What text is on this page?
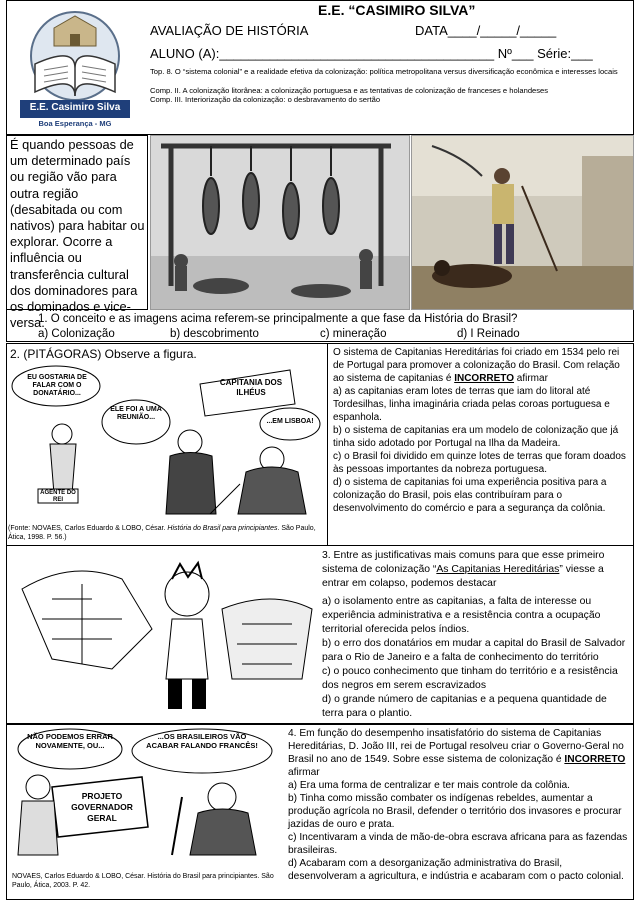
E.E. Casimiro Silva
Boa Esperança - MG
E.E. “CASIMIRO SILVA”
AVALIAÇÃO DE HISTÓRIA	DATA____/_____/_____
ALUNO (A):______________________________________ Nº___ Série:___
Top. 8. O “sistema colonial” e a realidade efetiva da colonização: política metropolitana versus diversificação econômica e interesses locais
Comp. II. A colonização litorânea: a colonização portuguesa e as tentativas de colonização de franceses e holandeses
Comp. III. Interiorização da colonização: o desbravamento do sertão
É quando pessoas de um determinado país ou região vão para outra região (desabitada ou com nativos) para habitar ou explorar. Ocorre a influência ou transferência cultural dos dominadores para os dominados e vice-versa.
1. O conceito e as imagens acima referem-se principalmente a que fase da História do Brasil?
a) Colonização	b) descobrimento	c) mineração	d) I Reinado
2. (PITÁGORAS) Observe a figura.
EU GOSTARIA DE FALAR COM O DONATÁRIO...
ELE FOI A UMA REUNIÃO...
...EM LISBOA!
CAPITANIA DOS ILHÉUS
AGENTE DO REI
(Fonte: NOVAES, Carlos Eduardo & LOBO, César. História do Brasil para principiantes. São Paulo, Ática, 1998. P. 56.)
O sistema de Capitanias Hereditárias foi criado em 1534 pelo rei de Portugal para promover a colonização do Brasil. Com relação ao sistema de capitanias é INCORRETO afirmar

a) as capitanias eram lotes de terras que iam do litoral até Tordesilhas, linha imaginária criada pelas coroas portuguesa e espanhola.

b) o sistema de capitanias era um modelo de colonização que já tinha sido adotado por Portugal na Ilha da Madeira.

c) o Brasil foi dividido em quinze lotes de terras que foram doados às pessoas importantes da nobreza portuguesa.

d) o sistema de capitanias foi uma experiência positiva para a colonização do Brasil, pois elas contribuíram para o desenvolvimento do comércio e para a segurança da colônia.

3. Entre as justificativas mais comuns para que esse primeiro sistema de colonização “As Capitanias Hereditárias” viesse a entrar em colapso, podemos destacar

a) o isolamento entre as capitanias, a falta de interesse ou experiência administrativa e a resistência contra a ocupação territorial oferecida pelos índios.

b) o erro dos donatários em mudar a capital do Brasil de Salvador para o Rio de Janeiro e a falta de conhecimento do território

c) o pouco conhecimento que tinham do território e a resistência dos negros em serem escravizados

d) o grande número de capitanias e a pequena quantidade de terra para o plantio.

NÃO PODEMOS ERRAR NOVAMENTE, OU...
...OS BRASILEIROS VÃO ACABAR FALANDO FRANCÊS!
PROJETO GOVERNADOR GERAL
NOVAES, Carlos Eduardo & LOBO, César. História do Brasil para principiantes. São Paulo, Ática, 2003. P. 42.
4. Em função do desempenho insatisfatório do sistema de Capitanias Hereditárias, D. João III, rei de Portugal resolveu criar o Governo-Geral no Brasil no ano de 1549. Sobre esse sistema de colonização é INCORRETO afirmar

a) Era uma forma de centralizar e ter mais controle da colônia.

b) Tinha como missão combater os indígenas rebeldes, aumentar a produção agrícola no Brasil, defender o território dos invasores e procurar jazidas de ouro e prata.

c) Incentivaram a vinda de mão-de-obra escrava africana para as fazendas brasileiras.

d) Acabaram com a desorganização administrativa do Brasil, desenvolveram a agricultura, e indústria e acabaram com o pacto colonial.
